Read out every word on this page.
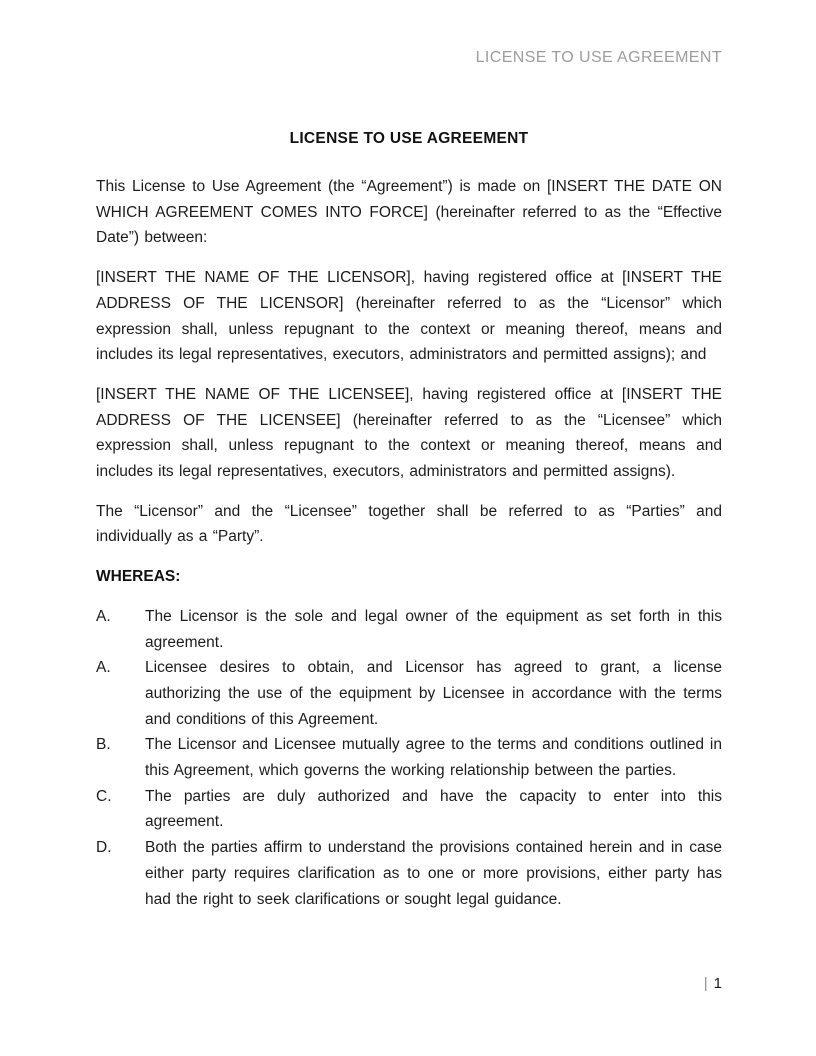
LICENSE TO USE AGREEMENT
LICENSE TO USE AGREEMENT

This License to Use Agreement (the “Agreement”) is made on [INSERT THE DATE ON WHICH AGREEMENT COMES INTO FORCE] (hereinafter referred to as the “Effective Date”) between:

[INSERT THE NAME OF THE LICENSOR], having registered office at [INSERT THE ADDRESS OF THE LICENSOR] (hereinafter referred to as the “Licensor” which expression shall, unless repugnant to the context or meaning thereof, means and includes its legal representatives, executors, administrators and permitted assigns); and

[INSERT THE NAME OF THE LICENSEE], having registered office at [INSERT THE ADDRESS OF THE LICENSEE] (hereinafter referred to as the “Licensee” which expression shall, unless repugnant to the context or meaning thereof, means and includes its legal representatives, executors, administrators and permitted assigns).

The “Licensor” and the “Licensee” together shall be referred to as “Parties” and individually as a “Party”.

WHEREAS:
A.	The Licensor is the sole and legal owner of the equipment as set forth in this agreement.
A.	Licensee desires to obtain, and Licensor has agreed to grant, a license authorizing the use of the equipment by Licensee in accordance with the terms and conditions of this Agreement.
B.	The Licensor and Licensee mutually agree to the terms and conditions outlined in this Agreement, which governs the working relationship between the parties.
C.	The parties are duly authorized and have the capacity to enter into this agreement.
D.	Both the parties affirm to understand the provisions contained herein and in case either party requires clarification as to one or more provisions, either party has had the right to seek clarifications or sought legal guidance.
| 1
